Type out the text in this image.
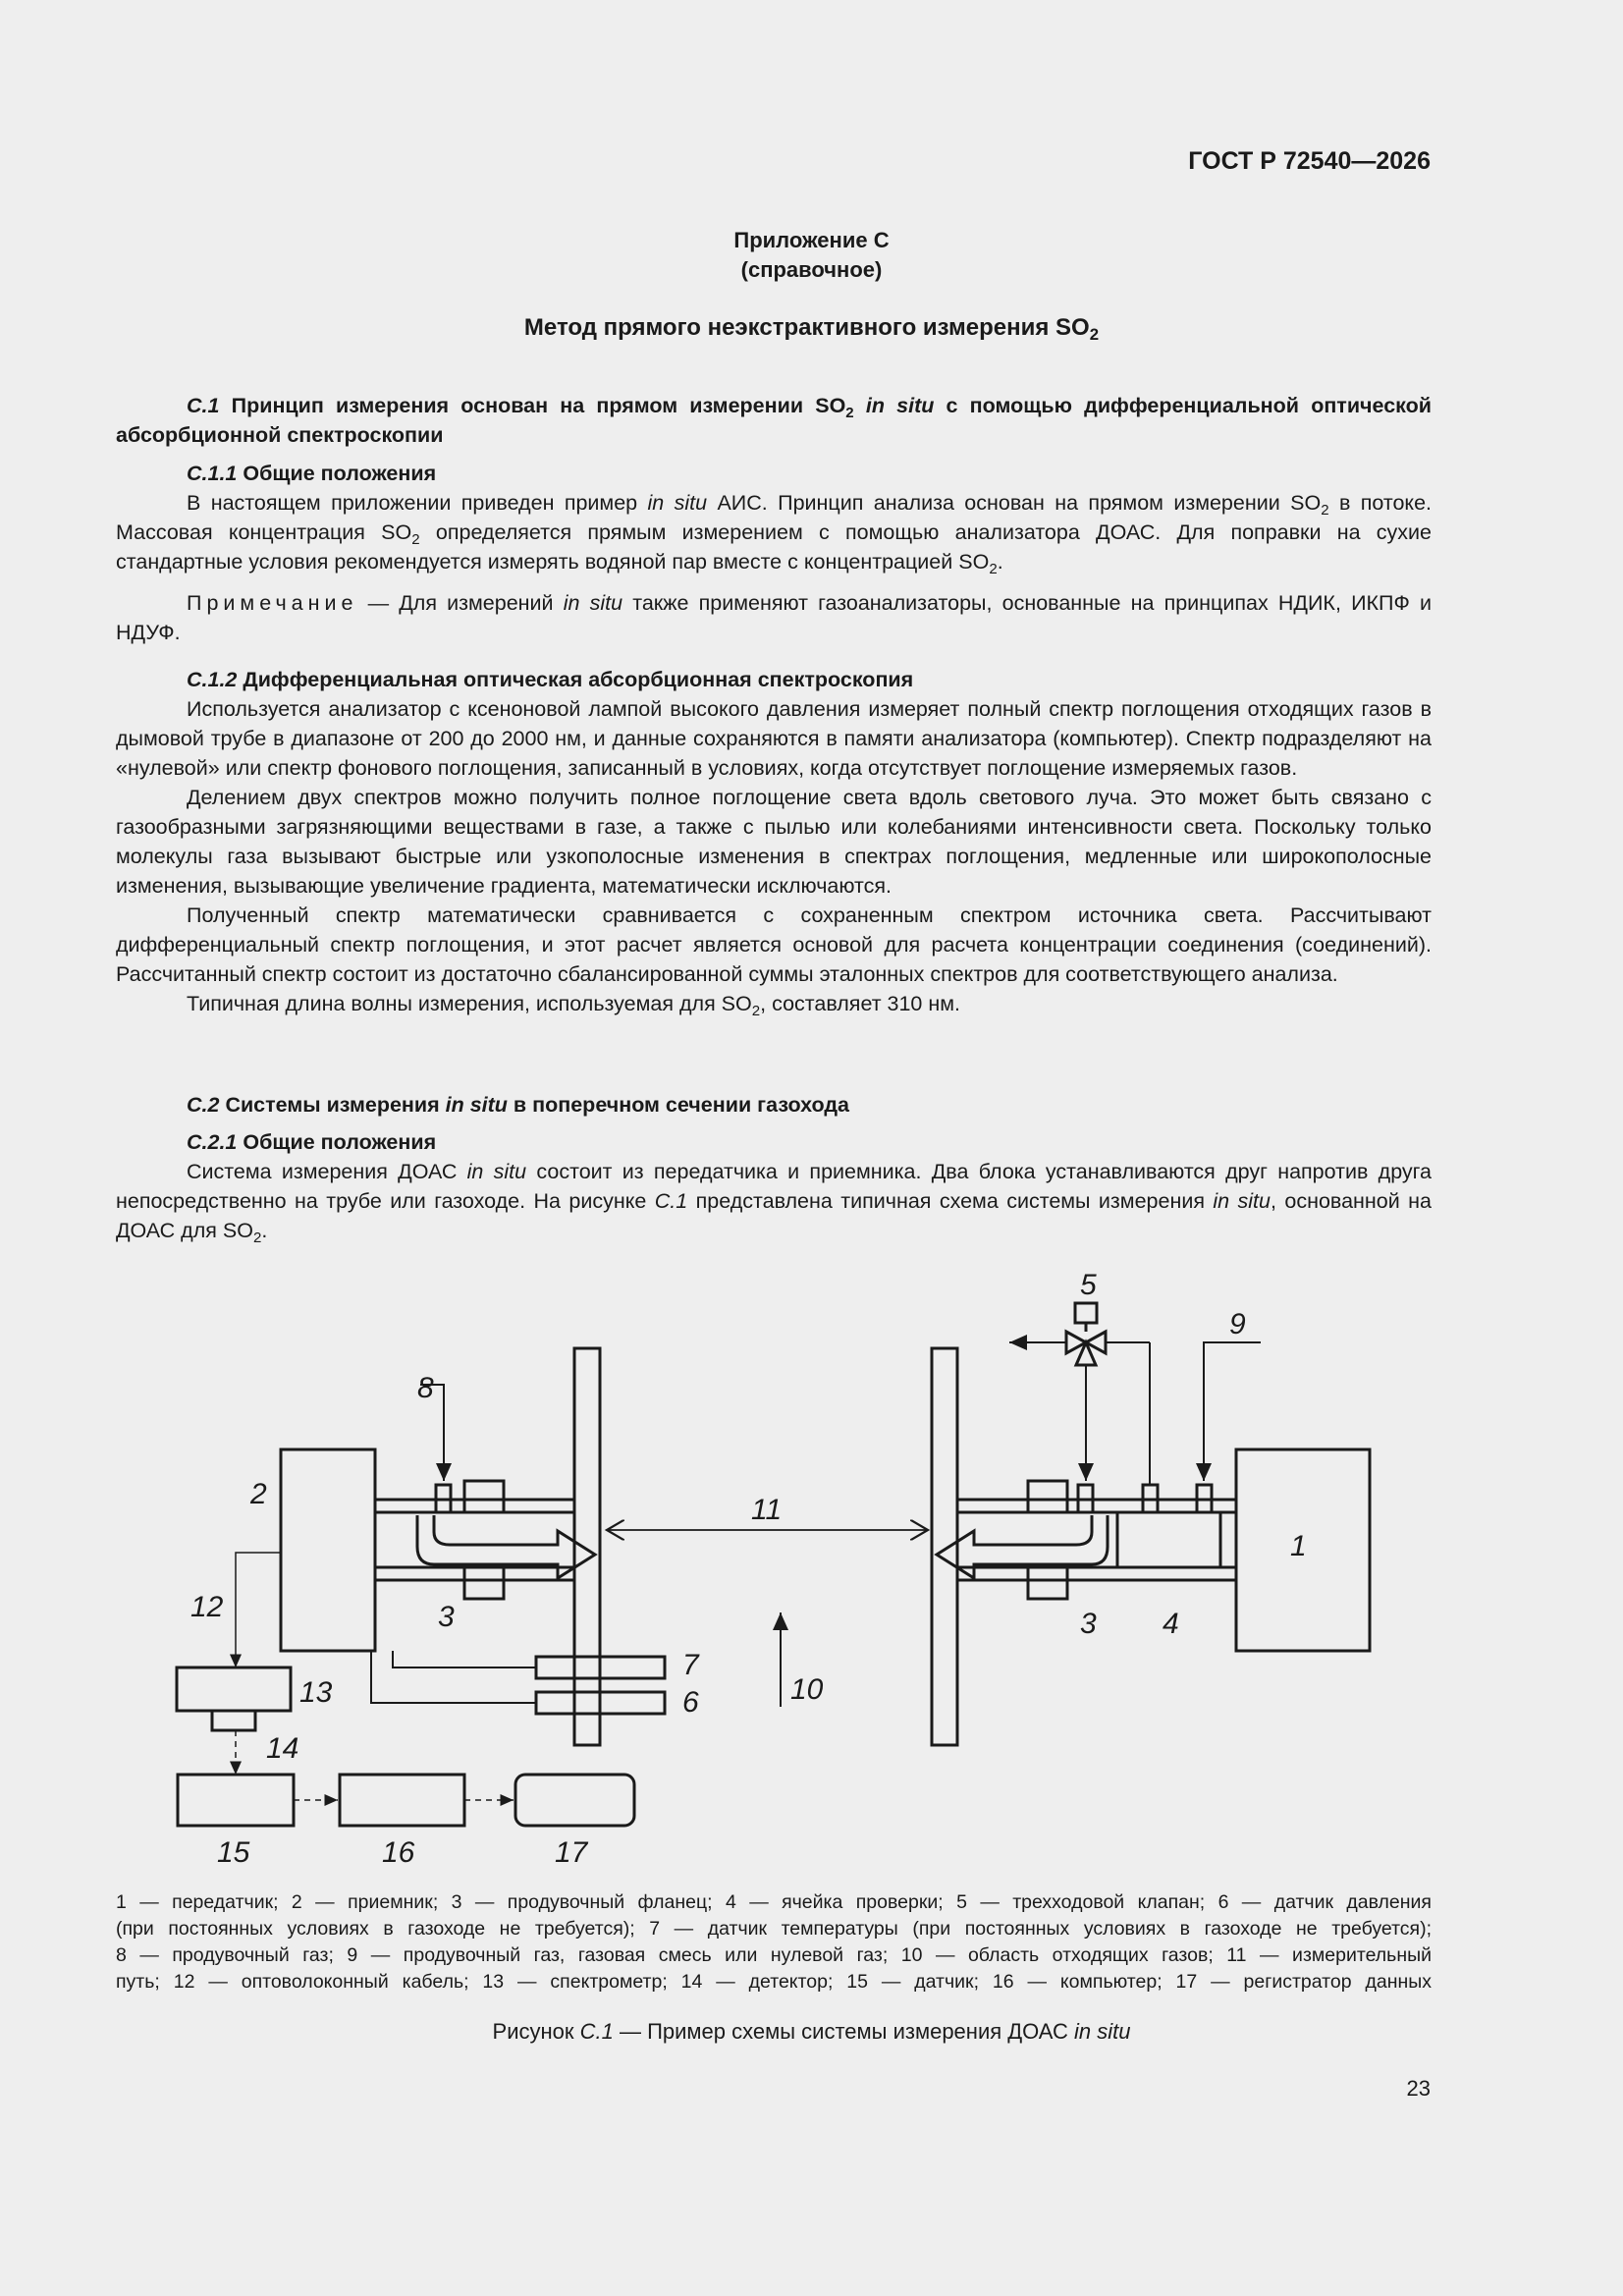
ГОСТ Р 72540—2026
Приложение С
(справочное)
Метод прямого неэкстрактивного измерения $SO_2$

С.1 Принцип измерения основан на прямом измерении $SO_2$ in situ с помощью дифференциальной оптической абсорбционной спектроскопии

С.1.1 Общие положения

В настоящем приложении приведен пример in situ АИС. Принцип анализа основан на прямом измерении $SO_2$ в потоке. Массовая концентрация $SO_2$ определяется прямым измерением с помощью анализатора ДОАС. Для поправки на сухие стандартные условия рекомендуется измерять водяной пар вместе с концентрацией $SO_2$.

Примечание — Для измерений in situ также применяют газоанализаторы, основанные на принципах НДИК, ИКПФ и НДУФ.

С.1.2 Дифференциальная оптическая абсорбционная спектроскопия

Используется анализатор с ксеноновой лампой высокого давления измеряет полный спектр поглощения отходящих газов в дымовой трубе в диапазоне от 200 до 2000 нм, и данные сохраняются в памяти анализатора (компьютер). Спектр подразделяют на «нулевой» или спектр фонового поглощения, записанный в условиях, когда отсутствует поглощение измеряемых газов.

Делением двух спектров можно получить полное поглощение света вдоль светового луча. Это может быть связано с газообразными загрязняющими веществами в газе, а также с пылью или колебаниями интенсивности света. Поскольку только молекулы газа вызывают быстрые или узкополосные изменения в спектрах поглощения, медленные или широкополосные изменения, вызывающие увеличение градиента, математически исключаются.

Полученный спектр математически сравнивается с сохраненным спектром источника света. Рассчитывают дифференциальный спектр поглощения, и этот расчет является основой для расчета концентрации соединения (соединений). Рассчитанный спектр состоит из достаточно сбалансированной суммы эталонных спектров для соответствующего анализа.

Типичная длина волны измерения, используемая для $SO_2$, составляет 310 нм.

С.2 Системы измерения in situ в поперечном сечении газохода

С.2.1 Общие положения

Система измерения ДОАС in situ состоит из передатчика и приемника. Два блока устанавливаются друг напротив друга непосредственно на трубе или газоходе. На рисунке С.1 представлена типичная схема системы измерения in situ, основанной на ДОАС для $SO_2$.

1
2
3	3 4
5
6
7
8
9
10
11
12
13
14
15	16	17
1 — передатчик; 2 — приемник; 3 — продувочный фланец; 4 — ячейка проверки; 5 — трехходовой клапан; 6 — датчик давления
(при постоянных условиях в газоходе не требуется); 7 — датчик температуры (при постоянных условиях в газоходе не требуется);
8 — продувочный газ; 9 — продувочный газ, газовая смесь или нулевой газ; 10 — область отходящих газов; 11 — измерительный
путь; 12 — оптоволоконный кабель; 13 — спектрометр; 14 — детектор; 15 — датчик; 16 — компьютер; 17 — регистратор данных
Рисунок С.1 — Пример схемы системы измерения ДОАС in situ
23
